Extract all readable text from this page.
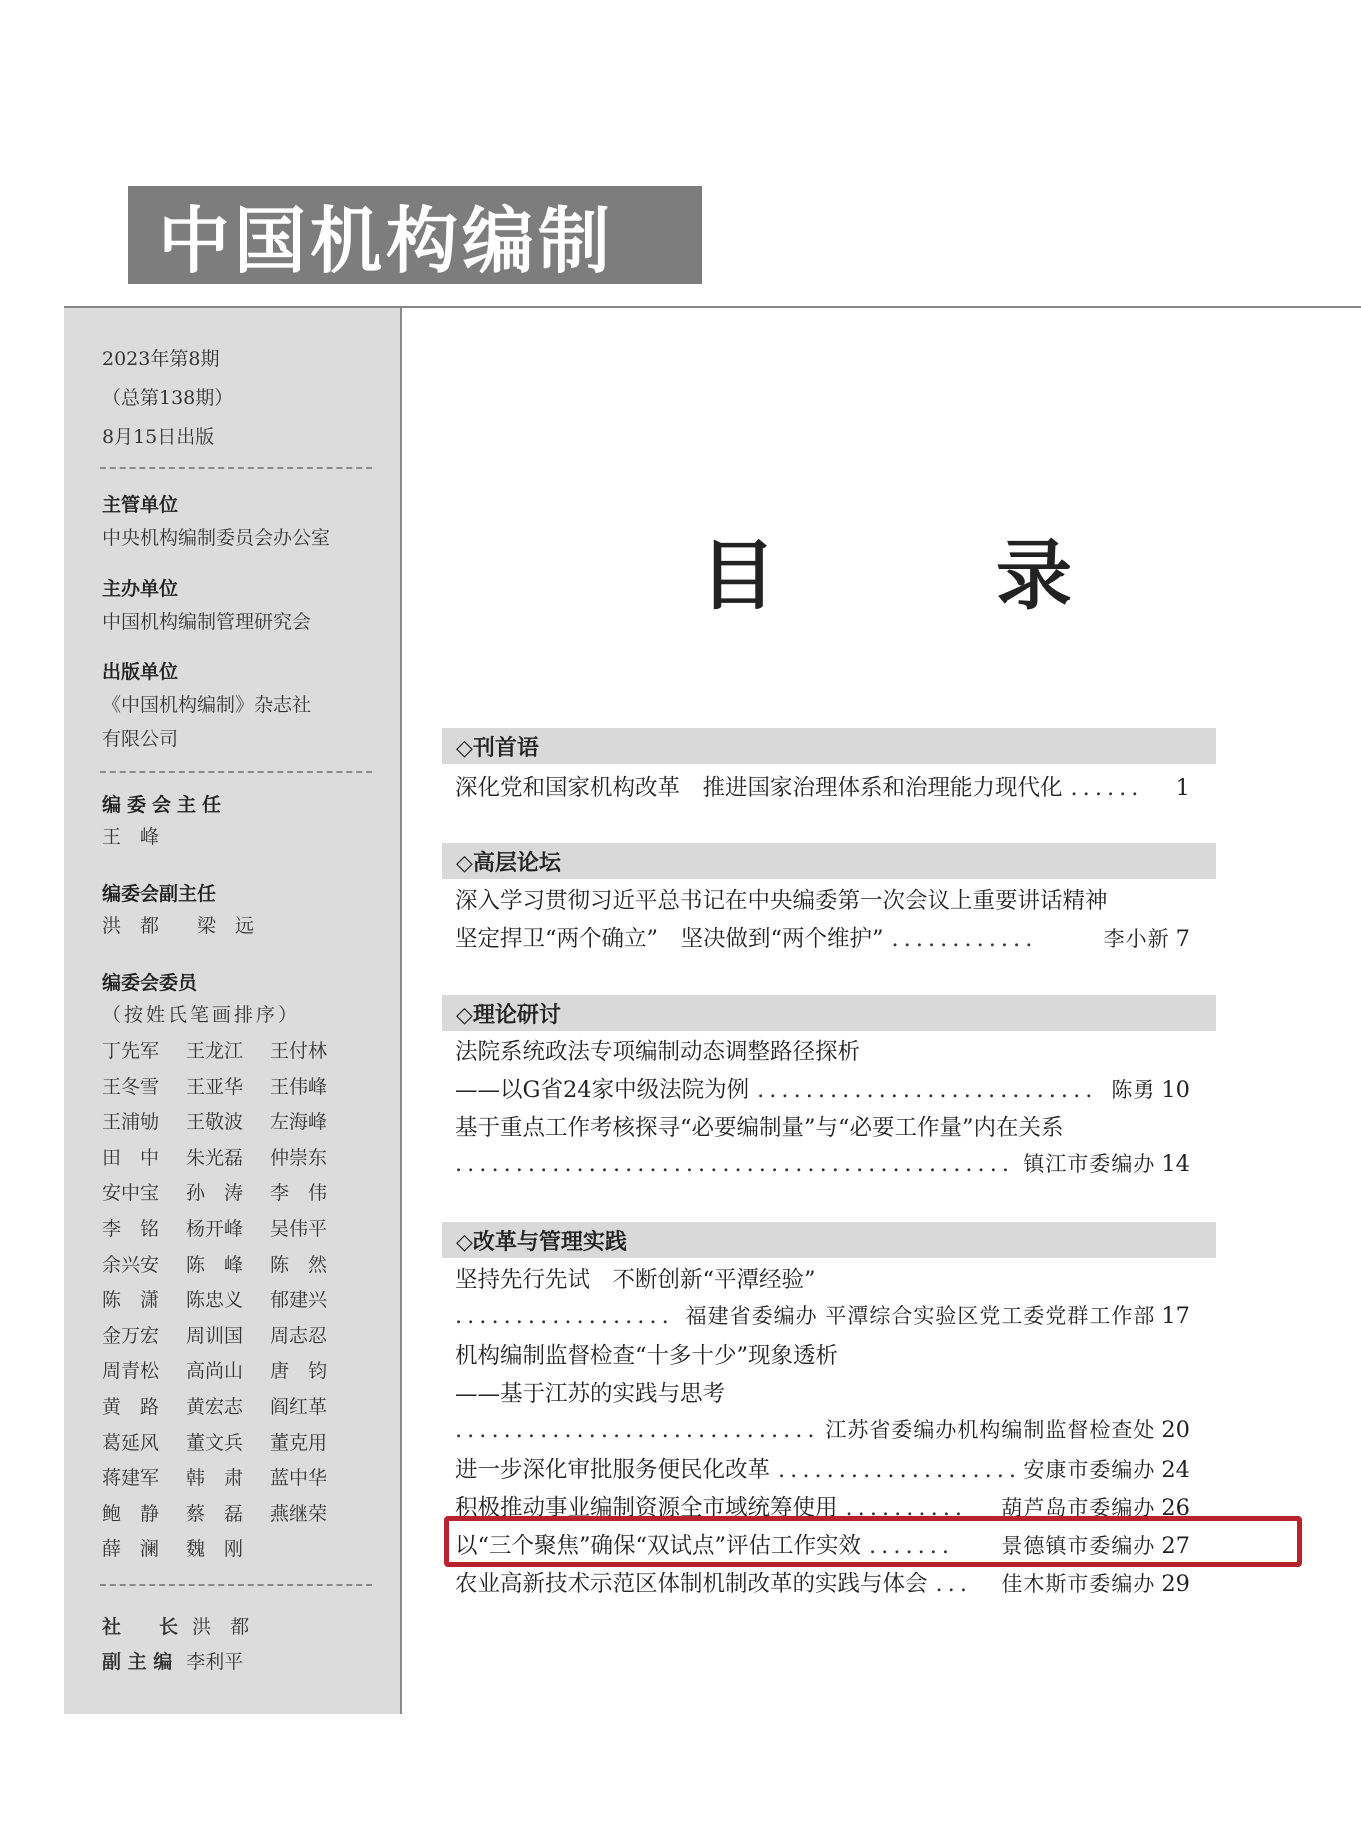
中国机构编制
2023年第8期
（总第138期）
8月15日出版
主管单位
中央机构编制委员会办公室
主办单位
中国机构编制管理研究会
出版单位
《中国机构编制》杂志社
有限公司
编委会主任
王　峰
编委会副主任
洪　都　　梁　远
编委会委员
（按姓氏笔画排序）
丁先军	王龙江	王付林
王冬雪	王亚华	王伟峰
王浦劬	王敬波	左海峰
田　中	朱光磊	仲崇东
安中宝	孙　涛	李　伟
李　铭	杨开峰	吴伟平
余兴安	陈　峰	陈　然
陈　潇	陈忠义	郁建兴
金万宏	周训国	周志忍
周青松	高尚山	唐　钧
黄　路	黄宏志	阎红革
葛延风	董文兵	董克用
蒋建军	韩　肃	蓝中华
鲍　静	蔡　磊	燕继荣
薛　澜	魏　刚
社　　长 洪　都
副 主 编 李利平
目　录
◇刊首语
深化党和国家机构改革　推进国家治理体系和治理能力现代化 ......	1
◇高层论坛
深入学习贯彻习近平总书记在中央编委第一次会议上重要讲话精神
坚定捍卫“两个确立”　坚决做到“两个维护” ............	李小新 7
◇理论研讨
法院系统政法专项编制动态调整路径探析
——以G省24家中级法院为例 ............................ 陈勇 10
基于重点工作考核探寻“必要编制量”与“必要工作量”内在关系
.............................................. 镇江市委编办 14
◇改革与管理实践
坚持先行先试　不断创新“平潭经验”
.................. 福建省委编办 平潭综合实验区党工委党群工作部 17
机构编制监督检查“十多十少”现象透析
——基于江苏的实践与思考
.............................. 江苏省委编办机构编制监督检查处 20
进一步深化审批服务便民化改革 .................... 安康市委编办 24
积极推动事业编制资源全市域统筹使用 ..........	葫芦岛市委编办 26
以“三个聚焦”确保“双试点”评估工作实效 .......	景德镇市委编办 27
农业高新技术示范区体制机制改革的实践与体会 ...	佳木斯市委编办 29
